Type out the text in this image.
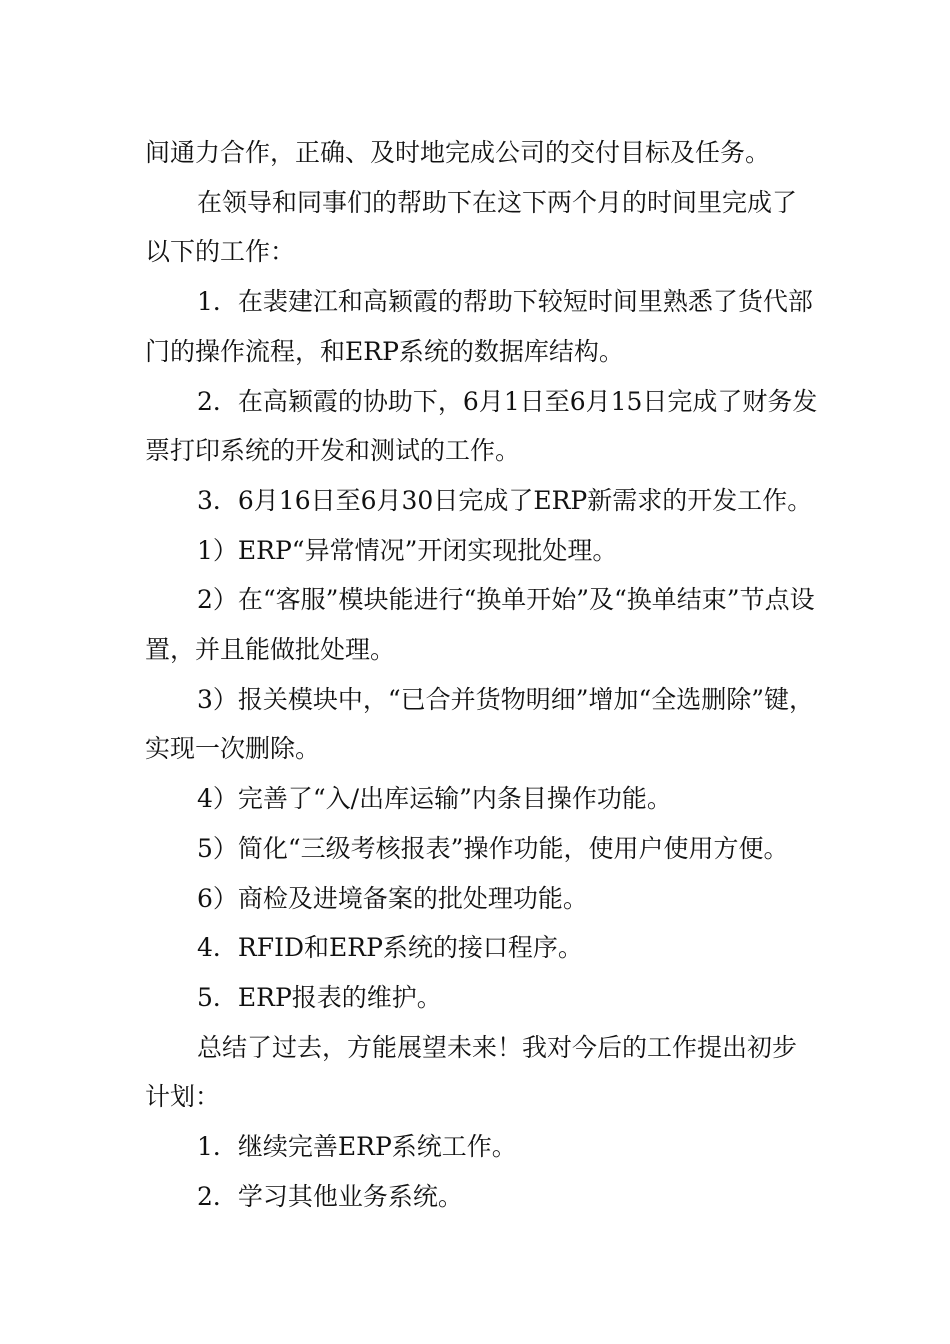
间通力合作，正确、及时地完成公司的交付目标及任务。

在领导和同事们的帮助下在这下两个月的时间里完成了以下的工作：

1．在裴建江和高颖霞的帮助下较短时间里熟悉了货代部门的操作流程，和ERP系统的数据库结构。

2．在高颖霞的协助下，6月1日至6月15日完成了财务发票打印系统的开发和测试的工作。

3．6月16日至6月30日完成了ERP新需求的开发工作。

1）ERP“异常情况”开闭实现批处理。

2）在“客服”模块能进行“换单开始”及“换单结束”节点设置，并且能做批处理。

3）报关模块中，“已合并货物明细”增加“全选删除”键，实现一次删除。

4）完善了“入/出库运输”内条目操作功能。

5）简化“三级考核报表”操作功能，使用户使用方便。

6）商检及进境备案的批处理功能。

4．RFID和ERP系统的接口程序。

5．ERP报表的维护。

总结了过去，方能展望未来！我对今后的工作提出初步计划：

1．继续完善ERP系统工作。

2．学习其他业务系统。
